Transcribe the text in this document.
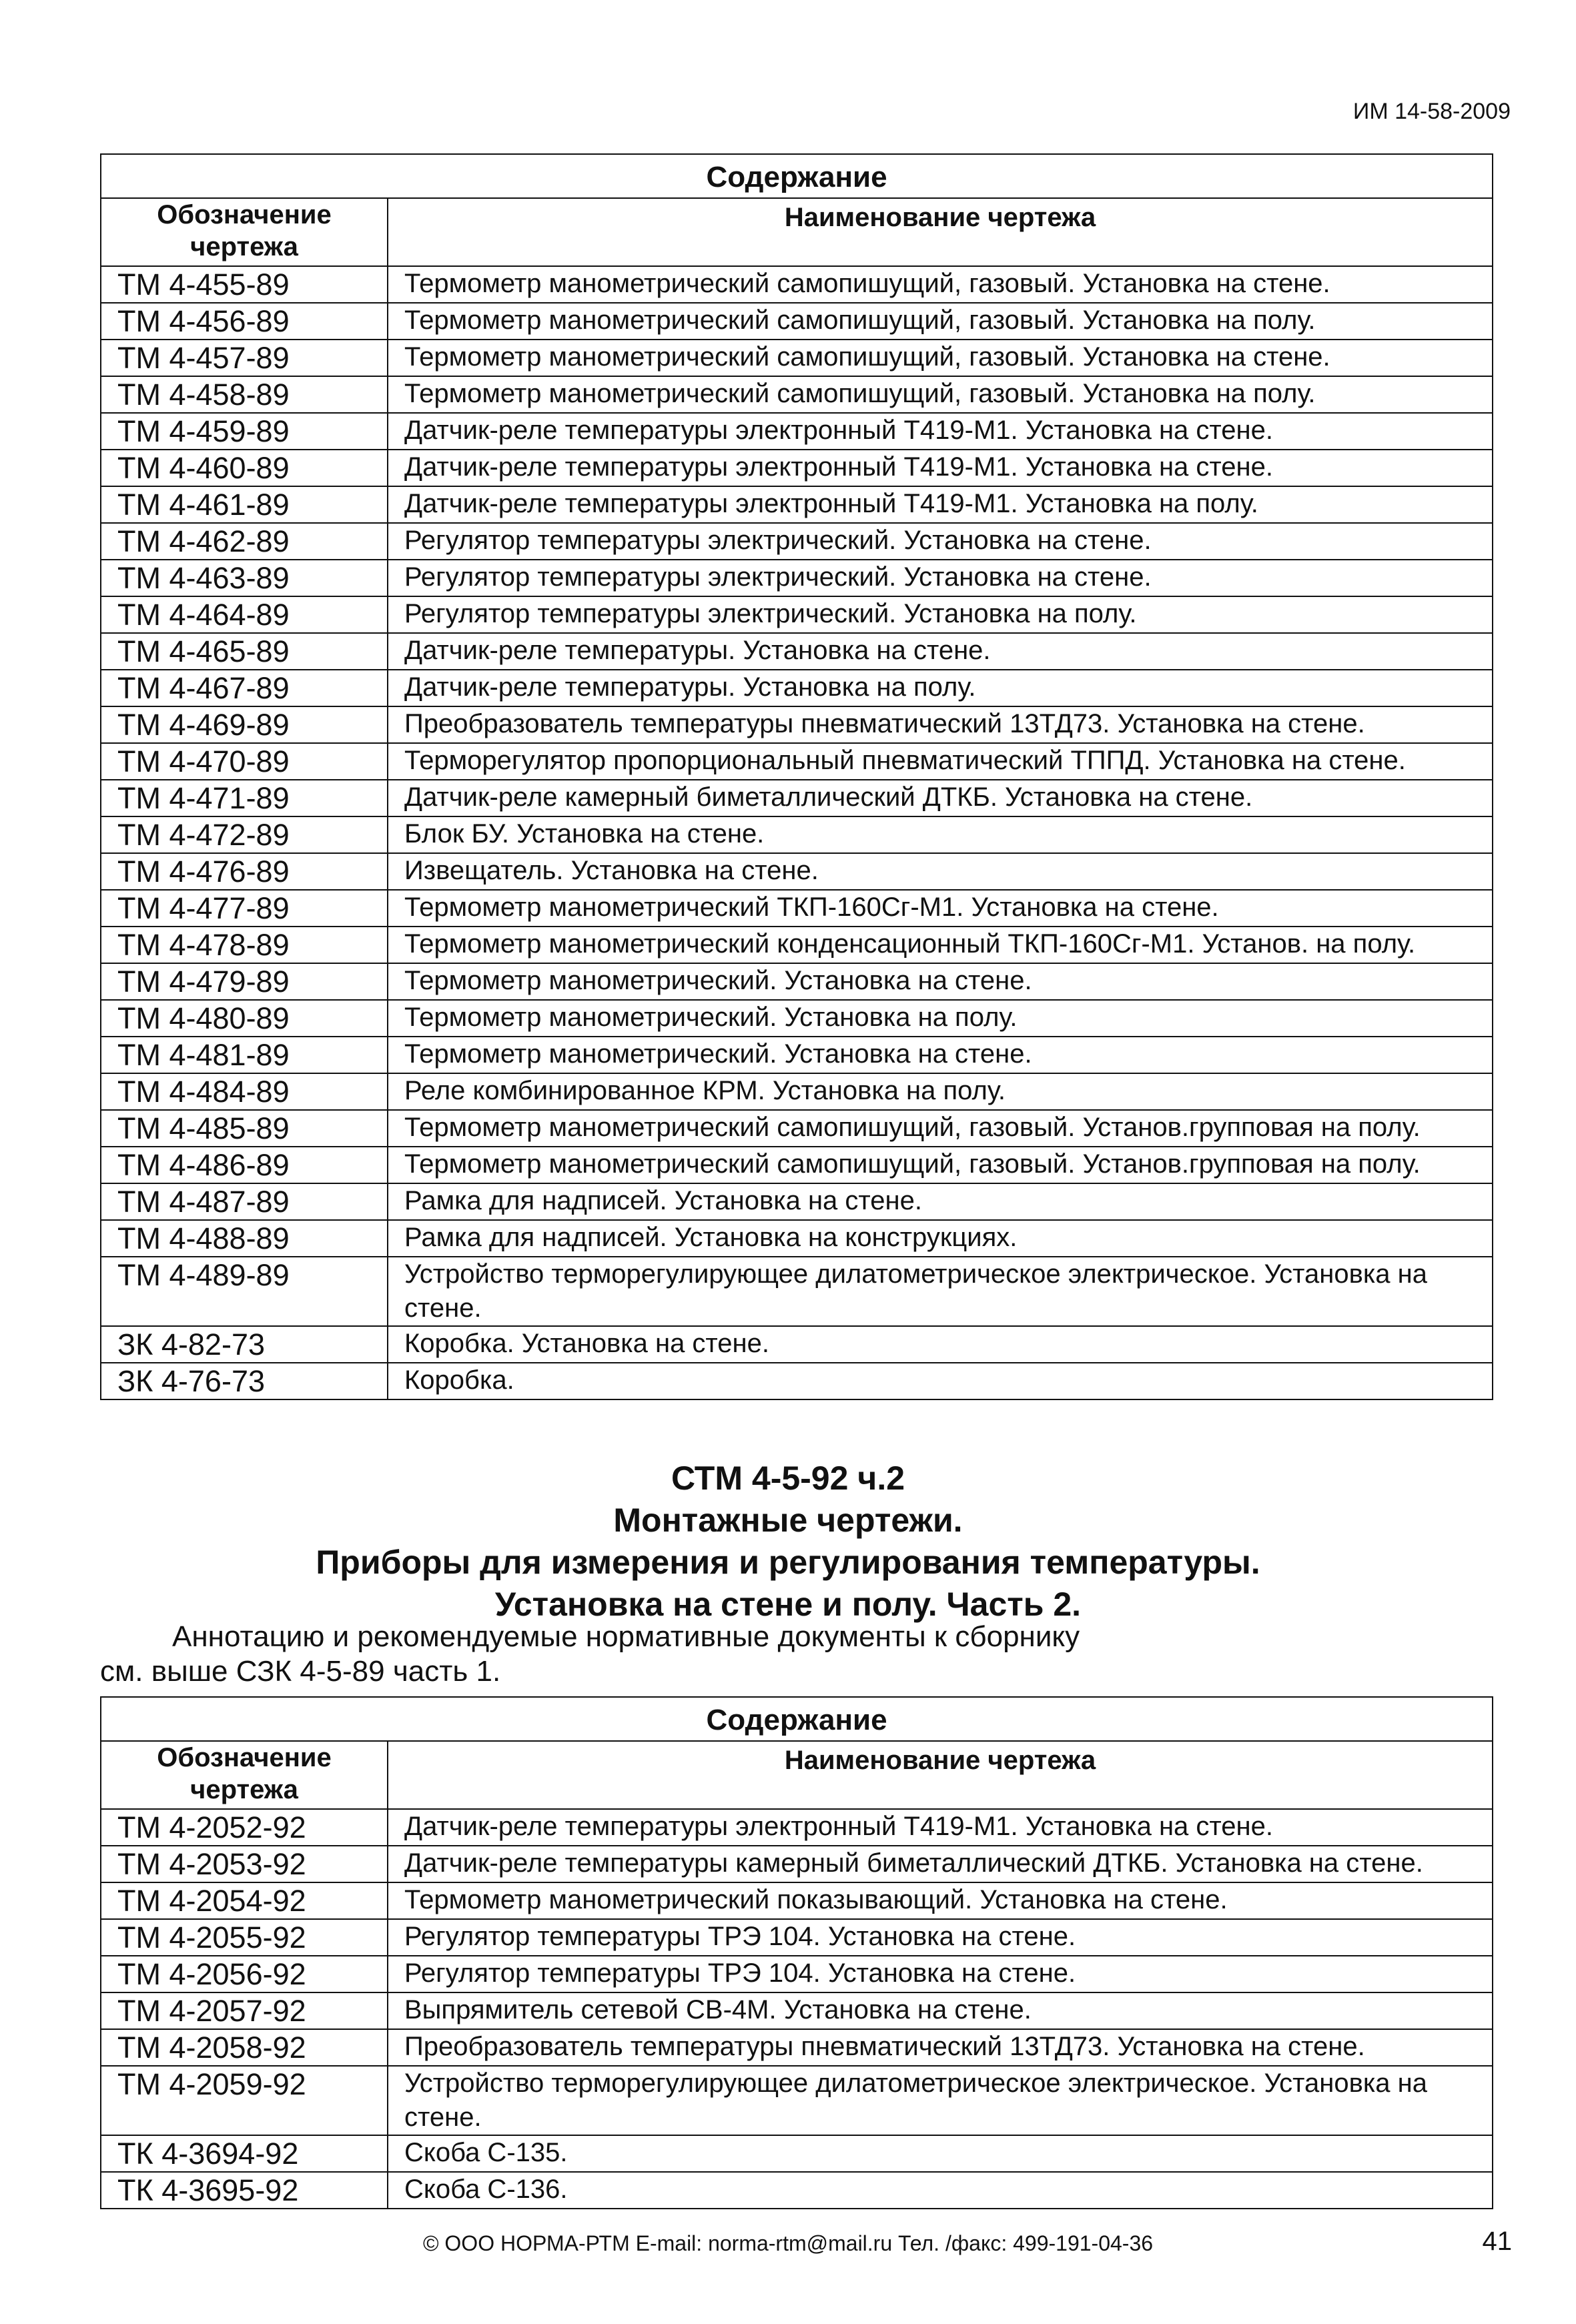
ИМ 14-58-2009
Содержание	
Обозначение чертежа	Наименование чертежа
ТМ 4-455-89	Термометр манометрический самопишущий, газовый. Установка на стене.
ТМ 4-456-89	Термометр манометрический самопишущий, газовый. Установка на полу.
ТМ 4-457-89	Термометр манометрический самопишущий, газовый. Установка на стене.
ТМ 4-458-89	Термометр манометрический самопишущий, газовый. Установка на полу.
ТМ 4-459-89	Датчик-реле температуры электронный Т419-М1. Установка на стене.
ТМ 4-460-89	Датчик-реле температуры электронный Т419-М1. Установка на стене.
ТМ 4-461-89	Датчик-реле температуры электронный Т419-М1. Установка на полу.
ТМ 4-462-89	Регулятор температуры электрический. Установка на стене.
ТМ 4-463-89	Регулятор температуры электрический. Установка на стене.
ТМ 4-464-89	Регулятор температуры электрический. Установка на полу.
ТМ 4-465-89	Датчик-реле температуры. Установка на стене.
ТМ 4-467-89	Датчик-реле температуры. Установка на полу.
ТМ 4-469-89	Преобразователь температуры пневматический 13ТД73. Установка на стене.
ТМ 4-470-89	Терморегулятор пропорциональный пневматический ТППД. Установка на стене.
ТМ 4-471-89	Датчик-реле камерный биметаллический ДТКБ. Установка на стене.
ТМ 4-472-89	Блок БУ. Установка на стене.
ТМ 4-476-89	Извещатель. Установка на стене.
ТМ 4-477-89	Термометр манометрический ТКП-160Сг-М1. Установка на стене.
ТМ 4-478-89	Термометр манометрический конденсационный ТКП-160Сг-М1. Установ. на полу.
ТМ 4-479-89	Термометр манометрический. Установка на стене.
ТМ 4-480-89	Термометр манометрический. Установка на полу.
ТМ 4-481-89	Термометр манометрический. Установка на стене.
ТМ 4-484-89	Реле комбинированное КРМ. Установка на полу.
ТМ 4-485-89	Термометр манометрический самопишущий, газовый. Установ.групповая на полу.
ТМ 4-486-89	Термометр манометрический самопишущий, газовый. Установ.групповая на полу.
ТМ 4-487-89	Рамка для надписей. Установка на стене.
ТМ 4-488-89	Рамка для надписей. Установка на конструкциях.
ТМ 4-489-89	Устройство терморегулирующее дилатометрическое электрическое. Установка на стене.
ЗК 4-82-73	Коробка. Установка на стене.
ЗК 4-76-73	Коробка.
СТМ 4-5-92 ч.2
Монтажные чертежи.
Приборы для измерения и регулирования температуры.
Установка на стене и полу. Часть 2.
Аннотацию и рекомендуемые нормативные документы к сборнику
см. выше СЗК 4-5-89 часть 1.
Содержание	
Обозначение чертежа	Наименование чертежа
ТМ 4-2052-92	Датчик-реле температуры электронный Т419-М1. Установка на стене.
ТМ 4-2053-92	Датчик-реле температуры камерный биметаллический ДТКБ. Установка на стене.
ТМ 4-2054-92	Термометр манометрический показывающий. Установка на стене.
ТМ 4-2055-92	Регулятор температуры ТРЭ 104. Установка на стене.
ТМ 4-2056-92	Регулятор температуры ТРЭ 104. Установка на стене.
ТМ 4-2057-92	Выпрямитель сетевой СВ-4М. Установка на стене.
ТМ 4-2058-92	Преобразователь температуры пневматический 13ТД73. Установка на стене.
ТМ 4-2059-92	Устройство терморегулирующее дилатометрическое электрическое. Установка на стене.
ТК 4-3694-92	Скоба С-135.
ТК 4-3695-92	Скоба С-136.
© ООО НОРМА-РТМ E-mail: norma-rtm@mail.ru Тел. /факс: 499-191-04-36	41
